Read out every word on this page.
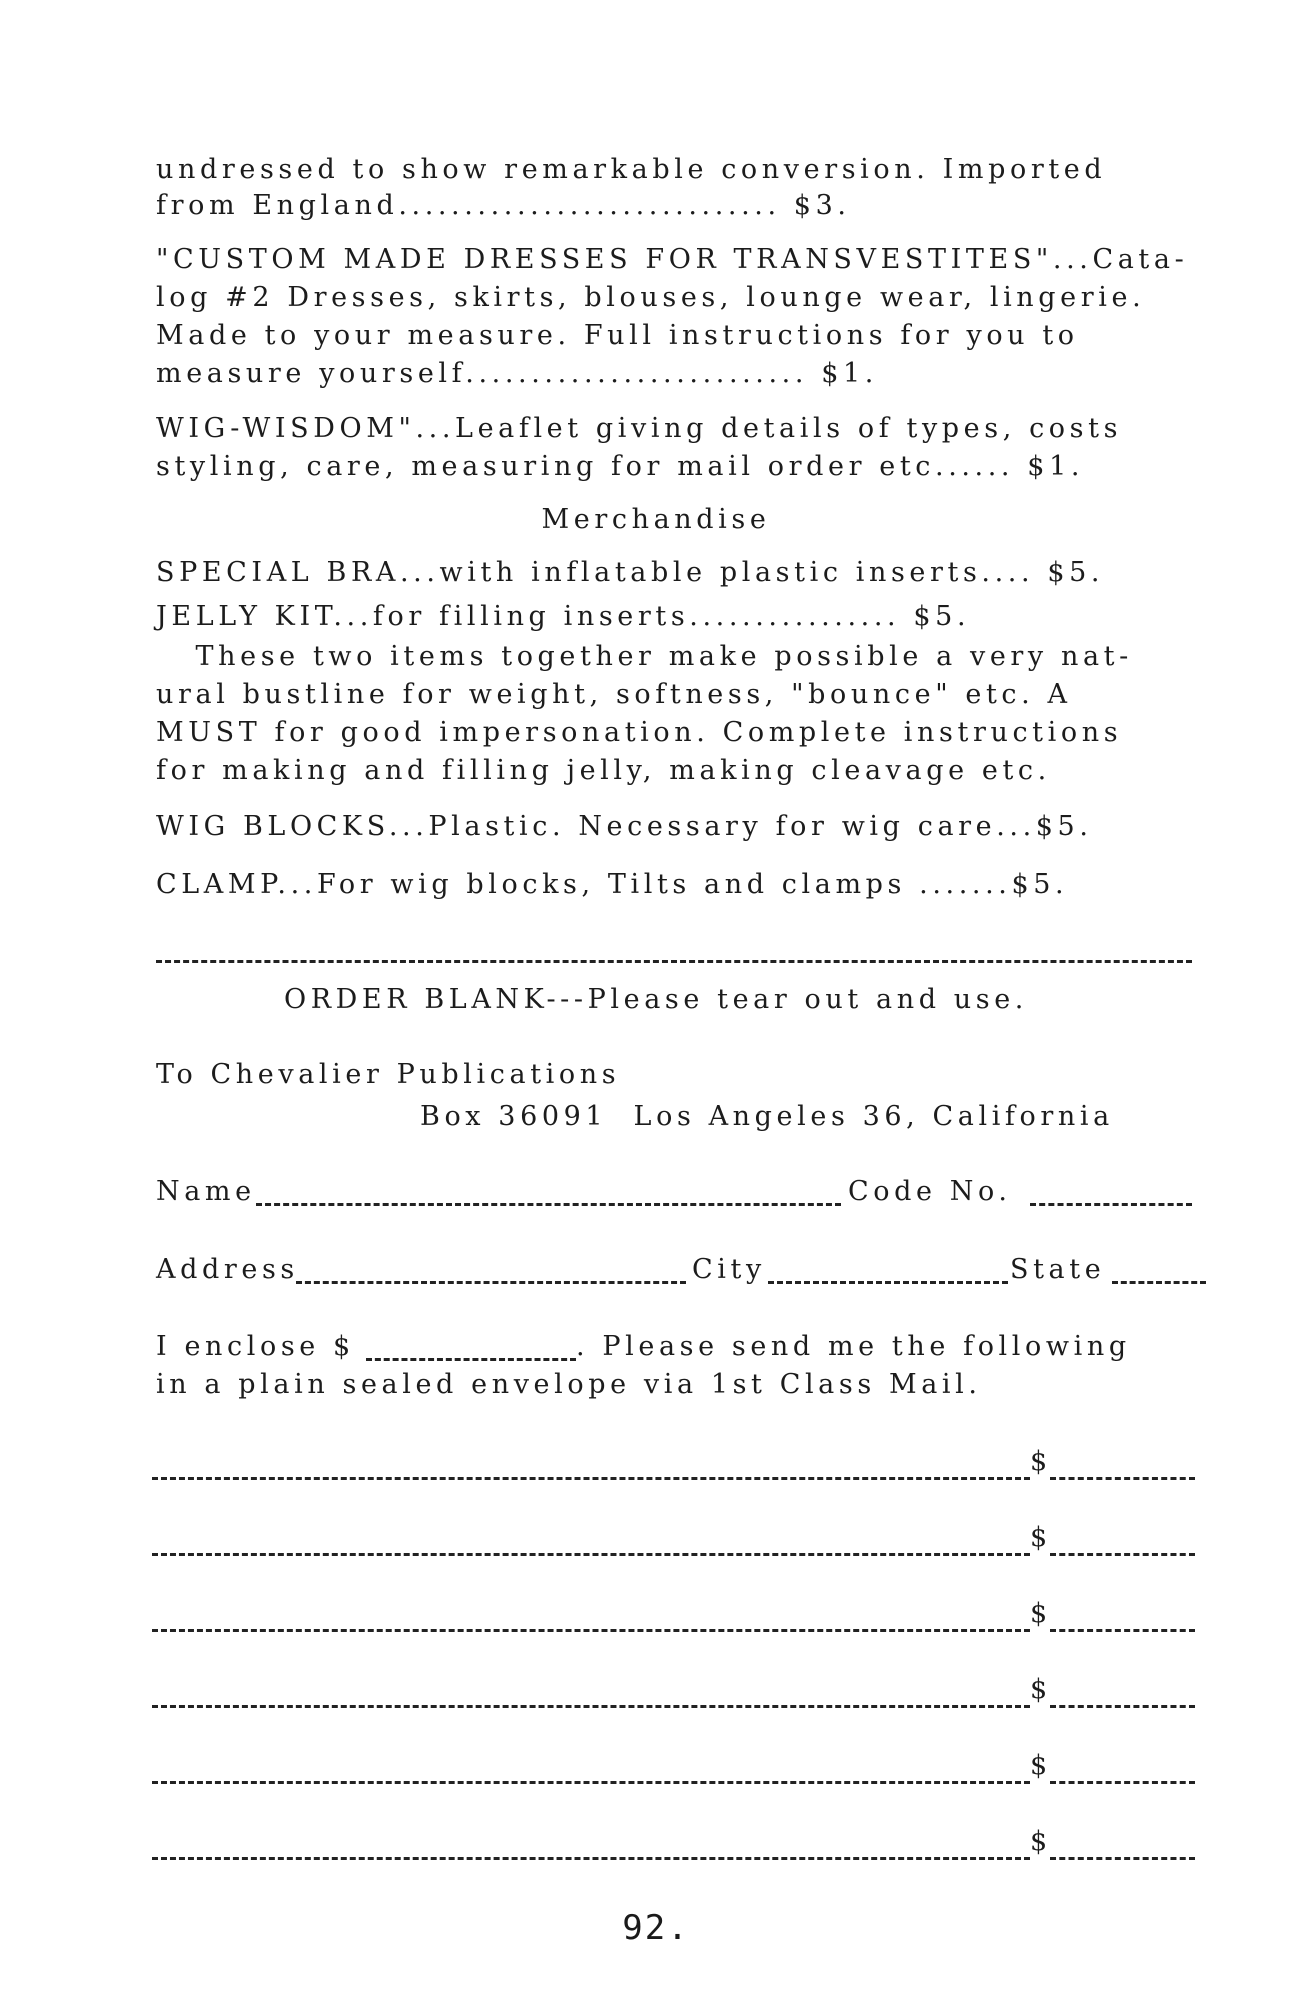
undressed to show remarkable conversion. Imported
from England............................. $3.
"CUSTOM MADE DRESSES FOR TRANSVESTITES"...Cata-
log #2 Dresses, skirts, blouses, lounge wear, lingerie.
Made to your measure. Full instructions for you to
measure yourself.......................... $1.
WIG-WISDOM"...Leaflet giving details of types, costs
styling, care, measuring for mail order etc...... $1.
Merchandise
SPECIAL BRA...with inflatable plastic inserts.... $5.
JELLY KIT...for filling inserts................ $5.
These two items together make possible a very nat-
ural bustline for weight, softness, "bounce" etc. A
MUST for good impersonation. Complete instructions
for making and filling jelly, making cleavage etc.
WIG BLOCKS...Plastic. Necessary for wig care...$5.
CLAMP...For wig blocks, Tilts and clamps .......$5.
ORDER BLANK---Please tear out and use.
To Chevalier Publications
Box 36091  Los Angeles 36, California
Name	Code No.
Address	City	State
I enclose $	. Please send me the following
in a plain sealed envelope via 1st Class Mail.
$
$
$
$
$
$
92.
